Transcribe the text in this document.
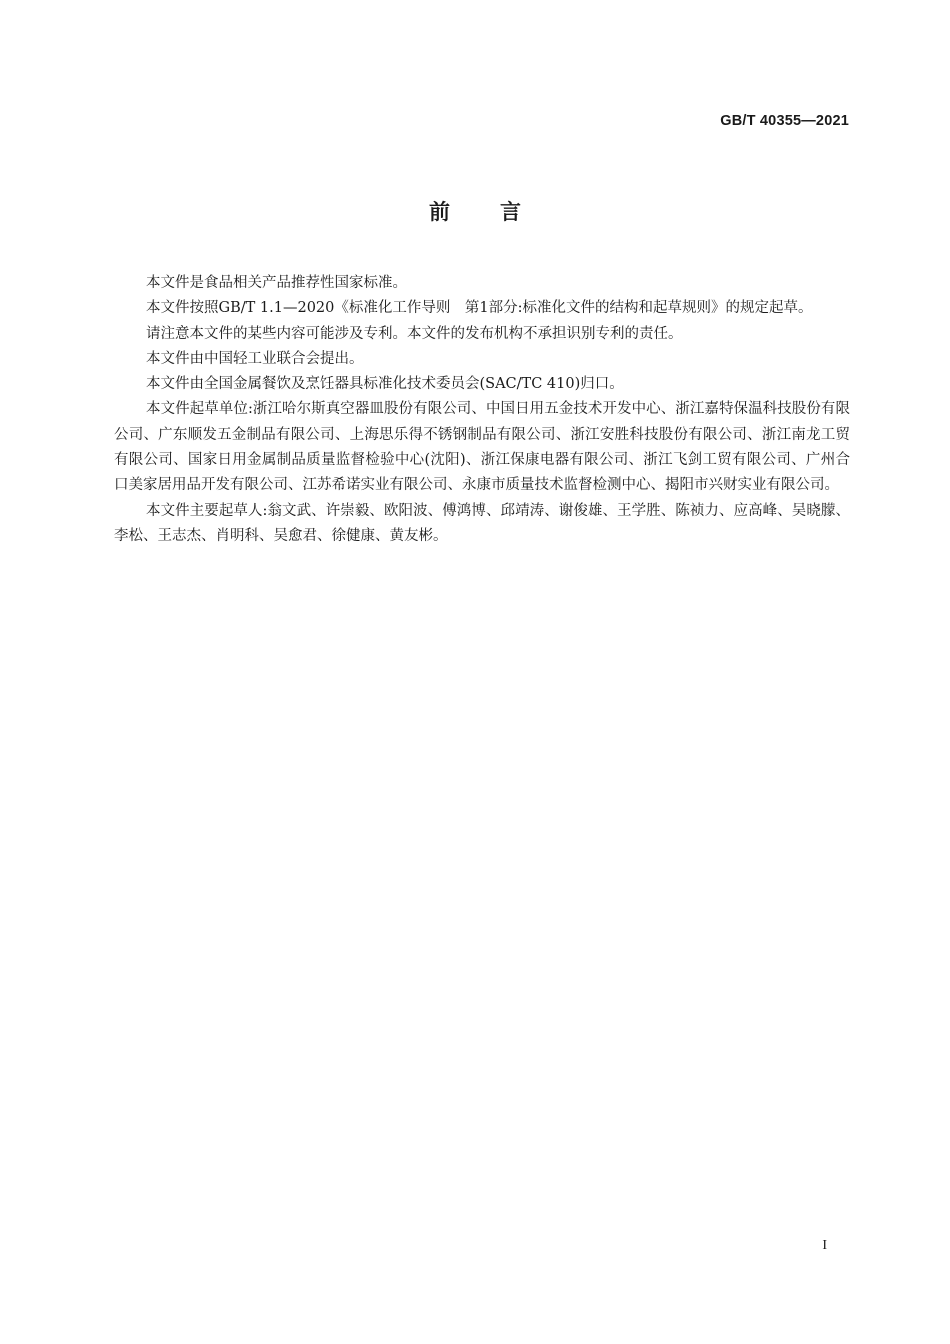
GB/T 40355—2021
前 言

本文件是食品相关产品推荐性国家标准。

本文件按照GB/T 1.1—2020《标准化工作导则　第1部分:标准化文件的结构和起草规则》的规定起草。

请注意本文件的某些内容可能涉及专利。本文件的发布机构不承担识别专利的责任。

本文件由中国轻工业联合会提出。

本文件由全国金属餐饮及烹饪器具标准化技术委员会(SAC/TC 410)归口。

本文件起草单位:浙江哈尔斯真空器皿股份有限公司、中国日用五金技术开发中心、浙江嘉特保温科技股份有限公司、广东顺发五金制品有限公司、上海思乐得不锈钢制品有限公司、浙江安胜科技股份有限公司、浙江南龙工贸有限公司、国家日用金属制品质量监督检验中心(沈阳)、浙江保康电器有限公司、浙江飞剑工贸有限公司、广州合口美家居用品开发有限公司、江苏希诺实业有限公司、永康市质量技术监督检测中心、揭阳市兴财实业有限公司。

本文件主要起草人:翁文武、许崇毅、欧阳波、傅鸿博、邱靖涛、谢俊雄、王学胜、陈祯力、应高峰、吴晓朦、李松、王志杰、肖明科、吴愈君、徐健康、黄友彬。

I
